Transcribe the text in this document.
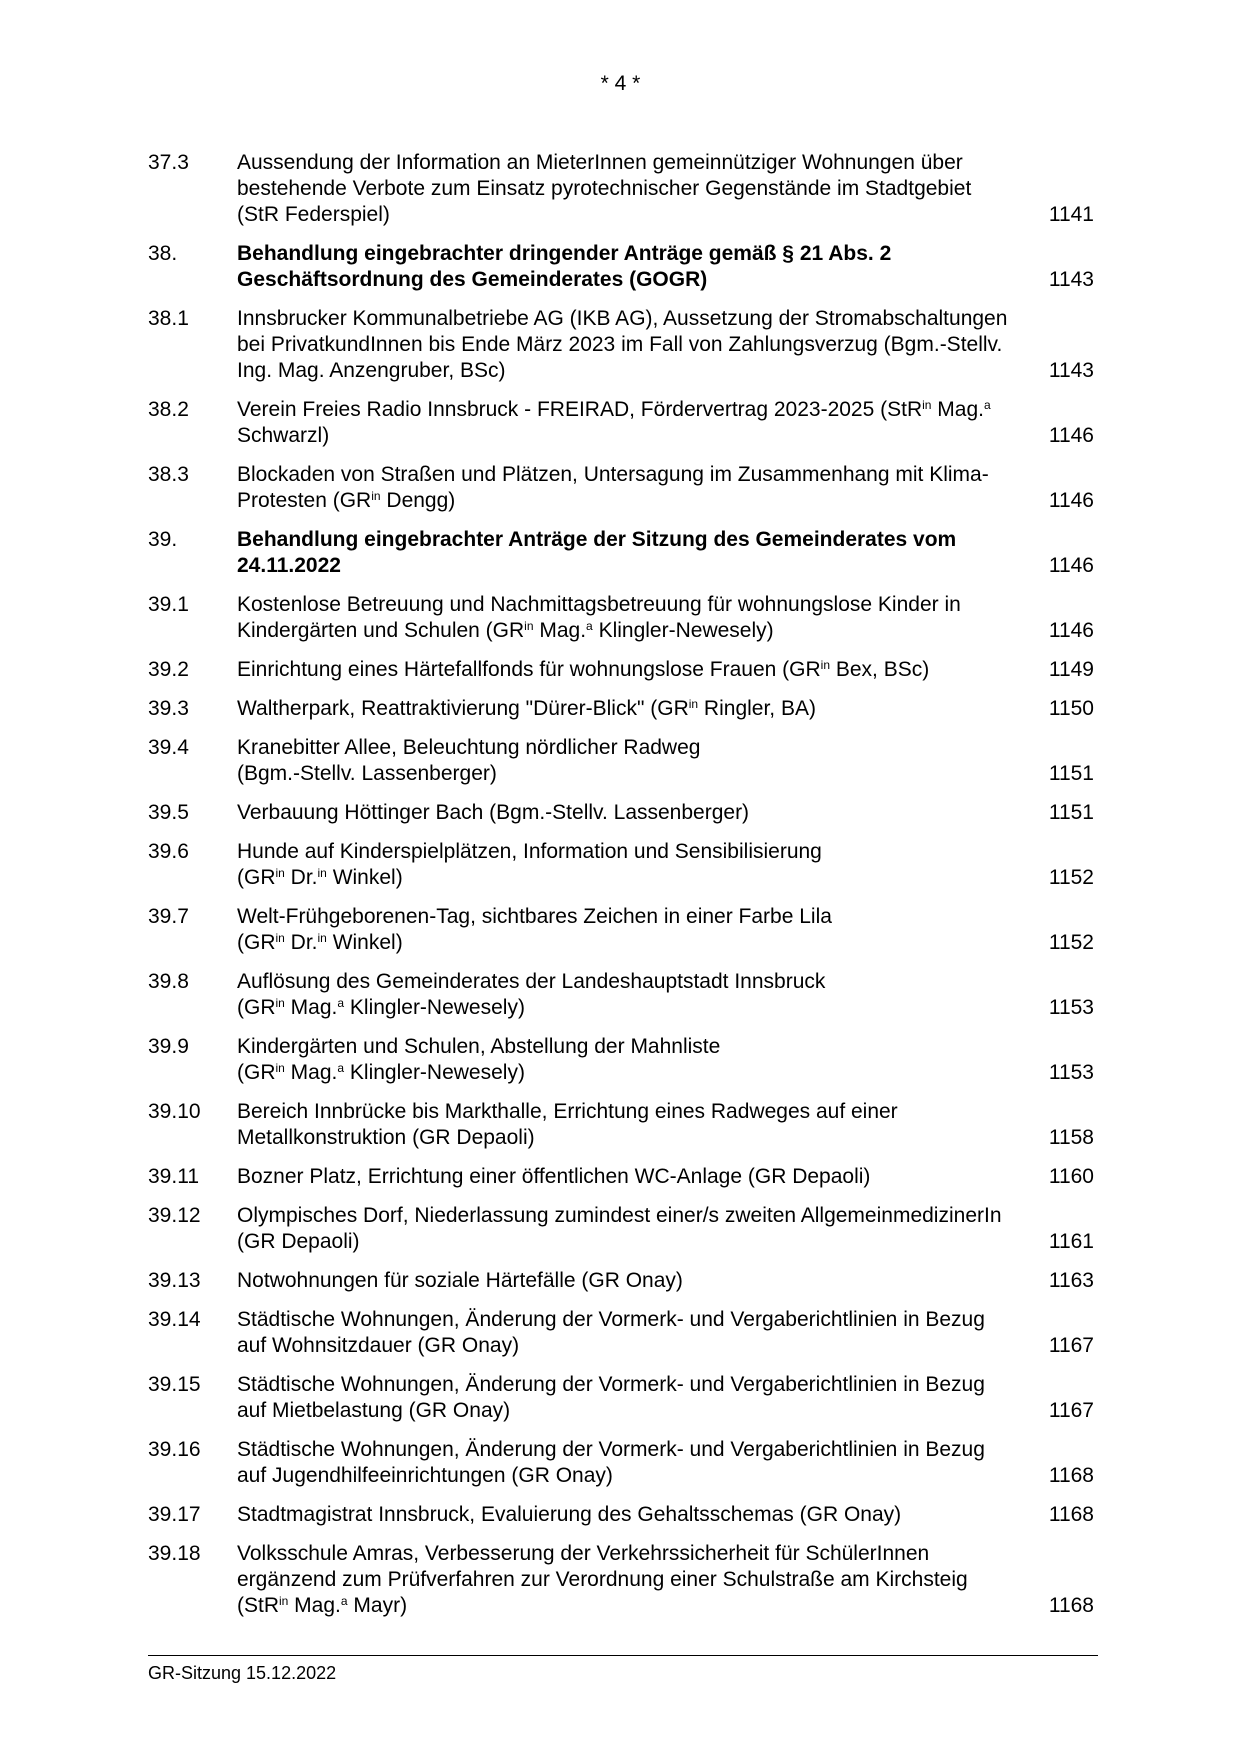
* 4 *
37.3	Aussendung der Information an MieterInnen gemeinnütziger Wohnungen über bestehende Verbote zum Einsatz pyrotechnischer Gegenstände im Stadtgebiet (StR Federspiel)	1141
38.	Behandlung eingebrachter dringender Anträge gemäß § 21 Abs. 2 Geschäftsordnung des Gemeinderates (GOGR)	1143
38.1	Innsbrucker Kommunalbetriebe AG (IKB AG), Aussetzung der Stromabschaltungen bei PrivatkundInnen bis Ende März 2023 im Fall von Zahlungsverzug (Bgm.-Stellv. Ing. Mag. Anzengruber, BSc)	1143
38.2	Verein Freies Radio Innsbruck - FREIRAD, Fördervertrag 2023-2025 (StR$^{in}$ Mag.$^a$ Schwarzl)	1146
38.3	Blockaden von Straßen und Plätzen, Untersagung im Zusammenhang mit Klima-Protesten ($GR^{in}$ Dengg)	1146
39.	Behandlung eingebrachter Anträge der Sitzung des Gemeinderates vom 24.11.2022	1146
39.1	Kostenlose Betreuung und Nachmittagsbetreuung für wohnungslose Kinder in Kindergärten und Schulen ($GR^{in}$ Mag.$^a$ Klingler-Newesely)	1146
39.2	Einrichtung eines Härtefallfonds für wohnungslose Frauen ($GR^{in}$ Bex, BSc)	1149
39.3	Waltherpark, Reattraktivierung "Dürer-Blick" ($GR^{in}$ Ringler, BA)	1150
39.4	Kranebitter Allee, Beleuchtung nördlicher Radweg
(Bgm.-Stellv. Lassenberger)	1151
39.5	Verbauung Höttinger Bach (Bgm.-Stellv. Lassenberger)	1151
39.6	Hunde auf Kinderspielplätzen, Information und Sensibilisierung
($GR^{in}$ Dr.$^{in}$ Winkel)	1152
39.7	Welt-Frühgeborenen-Tag, sichtbares Zeichen in einer Farbe Lila
($GR^{in}$ Dr.$^{in}$ Winkel)	1152
39.8	Auflösung des Gemeinderates der Landeshauptstadt Innsbruck
($GR^{in}$ Mag.$^a$ Klingler-Newesely)	1153
39.9	Kindergärten und Schulen, Abstellung der Mahnliste
($GR^{in}$ Mag.$^a$ Klingler-Newesely)	1153
39.10	Bereich Innbrücke bis Markthalle, Errichtung eines Radweges auf einer Metallkonstruktion (GR Depaoli)	1158
39.11	Bozner Platz, Errichtung einer öffentlichen WC-Anlage (GR Depaoli)	1160
39.12	Olympisches Dorf, Niederlassung zumindest einer/s zweiten AllgemeinmedizinerIn (GR Depaoli)	1161
39.13	Notwohnungen für soziale Härtefälle (GR Onay)	1163
39.14	Städtische Wohnungen, Änderung der Vormerk- und Vergaberichtlinien in Bezug auf Wohnsitzdauer (GR Onay)	1167
39.15	Städtische Wohnungen, Änderung der Vormerk- und Vergaberichtlinien in Bezug auf Mietbelastung (GR Onay)	1167
39.16	Städtische Wohnungen, Änderung der Vormerk- und Vergaberichtlinien in Bezug auf Jugendhilfeeinrichtungen (GR Onay)	1168
39.17	Stadtmagistrat Innsbruck, Evaluierung des Gehaltsschemas (GR Onay)	1168
39.18	Volksschule Amras, Verbesserung der Verkehrssicherheit für SchülerInnen ergänzend zum Prüfverfahren zur Verordnung einer Schulstraße am Kirchsteig (StR$^{in}$ Mag.$^a$ Mayr)	1168
GR-Sitzung 15.12.2022
